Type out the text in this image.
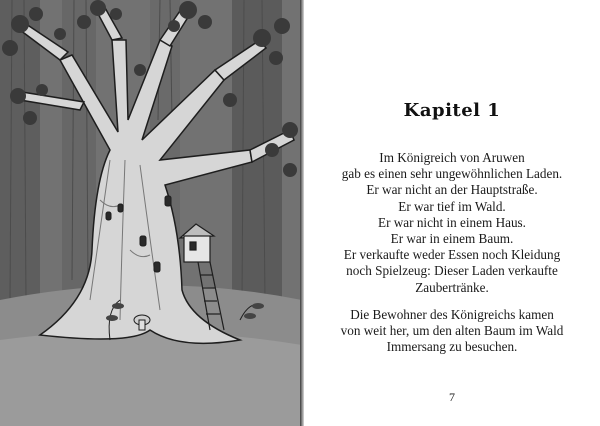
Kapitel 1

Im Königreich von Aruwen
gab es einen sehr ungewöhnlichen Laden.
Er war nicht an der Hauptstraße.
Er war tief im Wald.
Er war nicht in einem Haus.
Er war in einem Baum.
Er verkaufte weder Essen noch Kleidung
noch Spielzeug: Dieser Laden verkaufte
Zaubertränke.

Die Bewohner des Königreichs kamen
von weit her, um den alten Baum im Wald
Immersang zu besuchen.

7
